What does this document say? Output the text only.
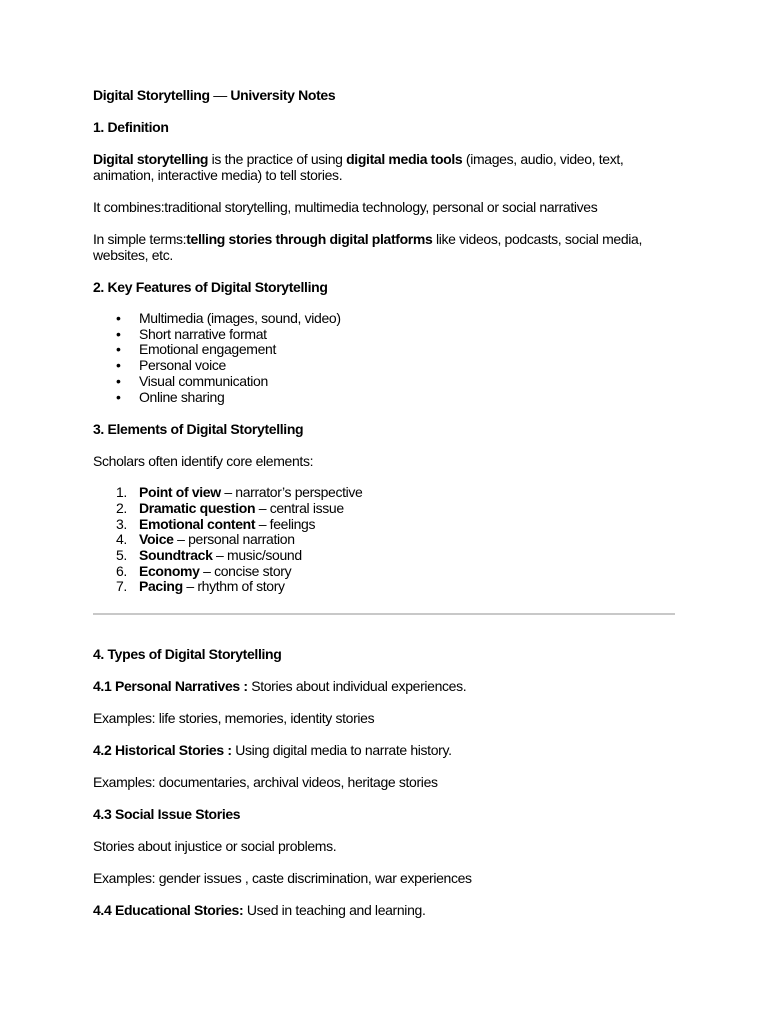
Digital Storytelling — University Notes

1. Definition

Digital storytelling is the practice of using digital media tools (images, audio, video, text, animation, interactive media) to tell stories.

It combines:traditional storytelling, multimedia technology, personal or social narratives

In simple terms:telling stories through digital platforms like videos, podcasts, social media, websites, etc.

2. Key Features of Digital Storytelling

• Multimedia (images, sound, video)
• Short narrative format
• Emotional engagement
• Personal voice
• Visual communication
• Online sharing

3. Elements of Digital Storytelling

Scholars often identify core elements:

1. Point of view – narrator’s perspective
2. Dramatic question – central issue
3. Emotional content – feelings
4. Voice – personal narration
5. Soundtrack – music/sound
6. Economy – concise story
7. Pacing – rhythm of story

4. Types of Digital Storytelling

4.1 Personal Narratives : Stories about individual experiences.

Examples: life stories, memories, identity stories

4.2 Historical Stories : Using digital media to narrate history.

Examples: documentaries, archival videos, heritage stories

4.3 Social Issue Stories

Stories about injustice or social problems.

Examples: gender issues , caste discrimination, war experiences

4.4 Educational Stories: Used in teaching and learning.
